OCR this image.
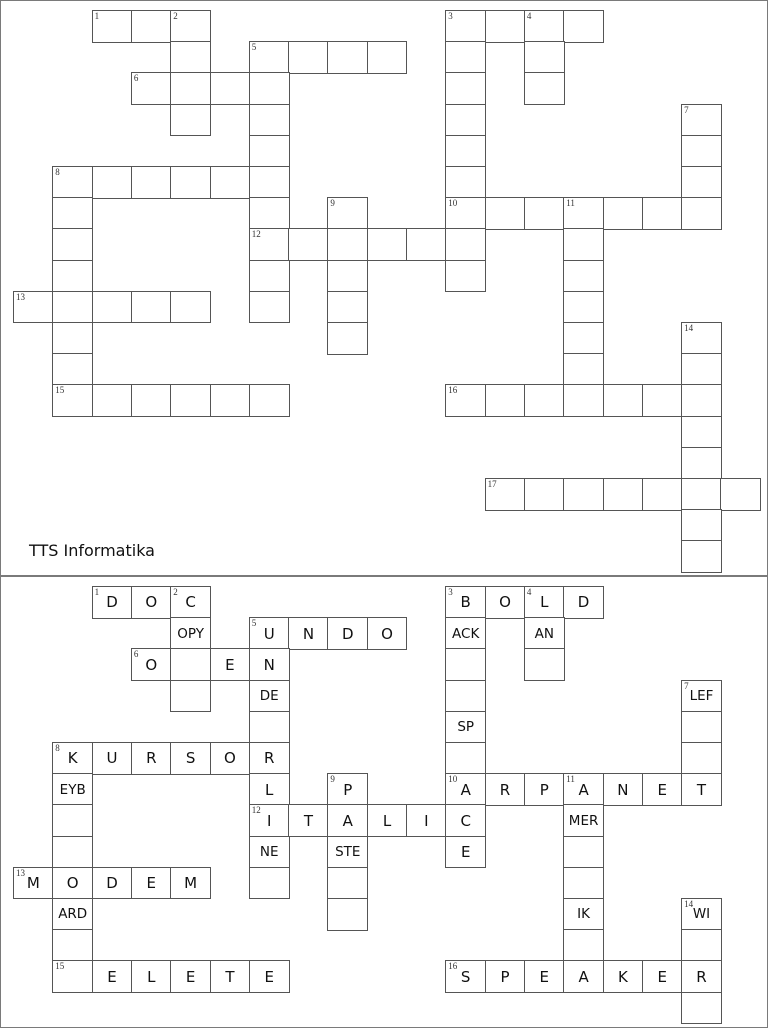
1	2	3	4
5
6
7
8
9	10	11
12
13
14
15	16
17
TTS Informatika
1
D	O
2
C
3
B	O
4
L	D
OPY
5
U	N	D	O	ACK	AN
6
O	E	N
DE
7
LEF
SP
8
K	U	R	S	O	R
EYB	L
9
P
10
A	R	P
11
A	N	E	T
12
I	T	A	L	I	C	MER
NE	STE	E
13
M	O	D	E	M
ARD	IK
14
WI
15
E	L	E	T	E
16
S	P	E	A	K	E	R
